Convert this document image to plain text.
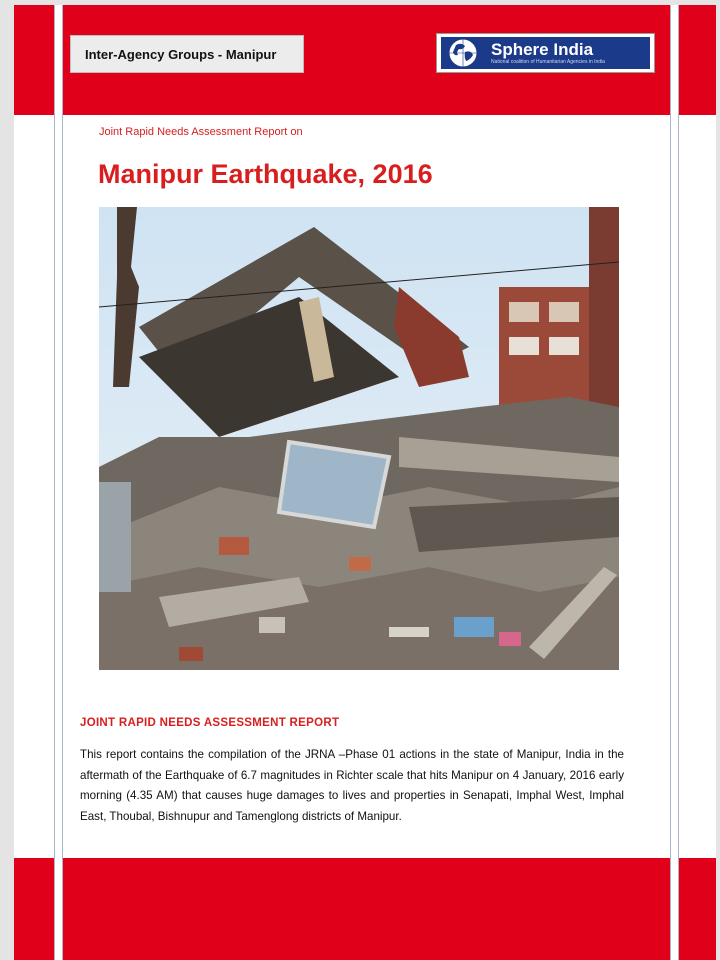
Inter-Agency Groups - Manipur	Sphere India
National coalition of Humanitarian Agencies in India
Joint Rapid Needs Assessment Report on
Manipur Earthquake, 2016
JOINT RAPID NEEDS ASSESSMENT REPORT
This report contains the compilation of the JRNA –Phase 01 actions in the state of Manipur, India in the aftermath of the Earthquake of 6.7 magnitudes in Richter scale that hits Manipur on 4 January, 2016 early morning (4.35 AM) that causes huge damages to lives and properties in Senapati, Imphal West, Imphal East, Thoubal, Bishnupur and Tamenglong districts of Manipur.
